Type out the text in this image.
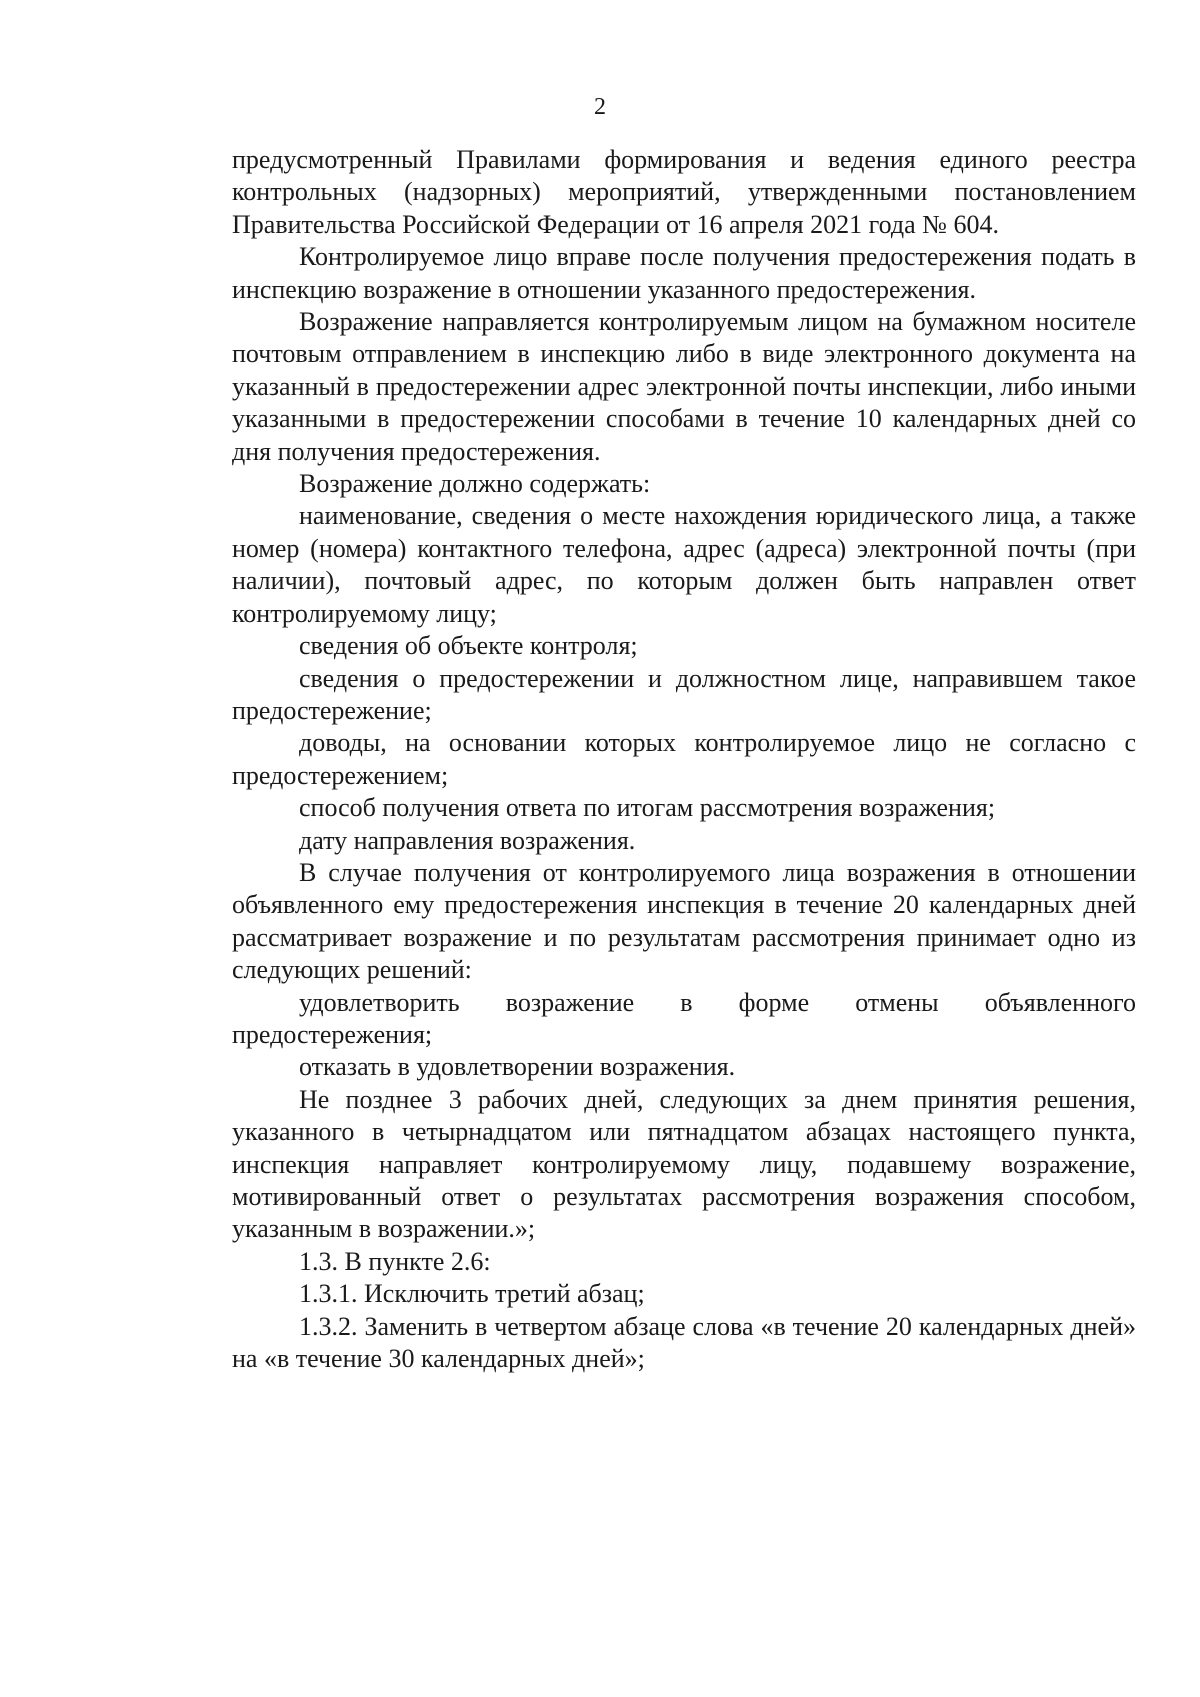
2

предусмотренный Правилами формирования и ведения единого реестра контрольных (надзорных) мероприятий, утвержденными постановлением Правительства Российской Федерации от 16 апреля 2021 года № 604.

Контролируемое лицо вправе после получения предостережения подать в инспекцию возражение в отношении указанного предостережения.

Возражение направляется контролируемым лицом на бумажном носителе почтовым отправлением в инспекцию либо в виде электронного документа на указанный в предостережении адрес электронной почты инспекции, либо иными указанными в предостережении способами в течение 10 календарных дней со дня получения предостережения.

Возражение должно содержать:

наименование, сведения о месте нахождения юридического лица, а также номер (номера) контактного телефона, адрес (адреса) электронной почты (при наличии), почтовый адрес, по которым должен быть направлен ответ контролируемому лицу;

сведения об объекте контроля;

сведения о предостережении и должностном лице, направившем такое предостережение;

доводы, на основании которых контролируемое лицо не согласно с предостережением;

способ получения ответа по итогам рассмотрения возражения;

дату направления возражения.

В случае получения от контролируемого лица возражения в отношении объявленного ему предостережения инспекция в течение 20 календарных дней рассматривает возражение и по результатам рассмотрения принимает одно из следующих решений:

удовлетворить возражение в форме отмены объявленного предостережения;

отказать в удовлетворении возражения.

Не позднее 3 рабочих дней, следующих за днем принятия решения, указанного в четырнадцатом или пятнадцатом абзацах настоящего пункта, инспекция направляет контролируемому лицу, подавшему возражение, мотивированный ответ о результатах рассмотрения возражения способом, указанным в возражении.»;

1.3. В пункте 2.6:

1.3.1. Исключить третий абзац;

1.3.2. Заменить в четвертом абзаце слова «в течение 20 календарных дней» на «в течение 30 календарных дней»;
